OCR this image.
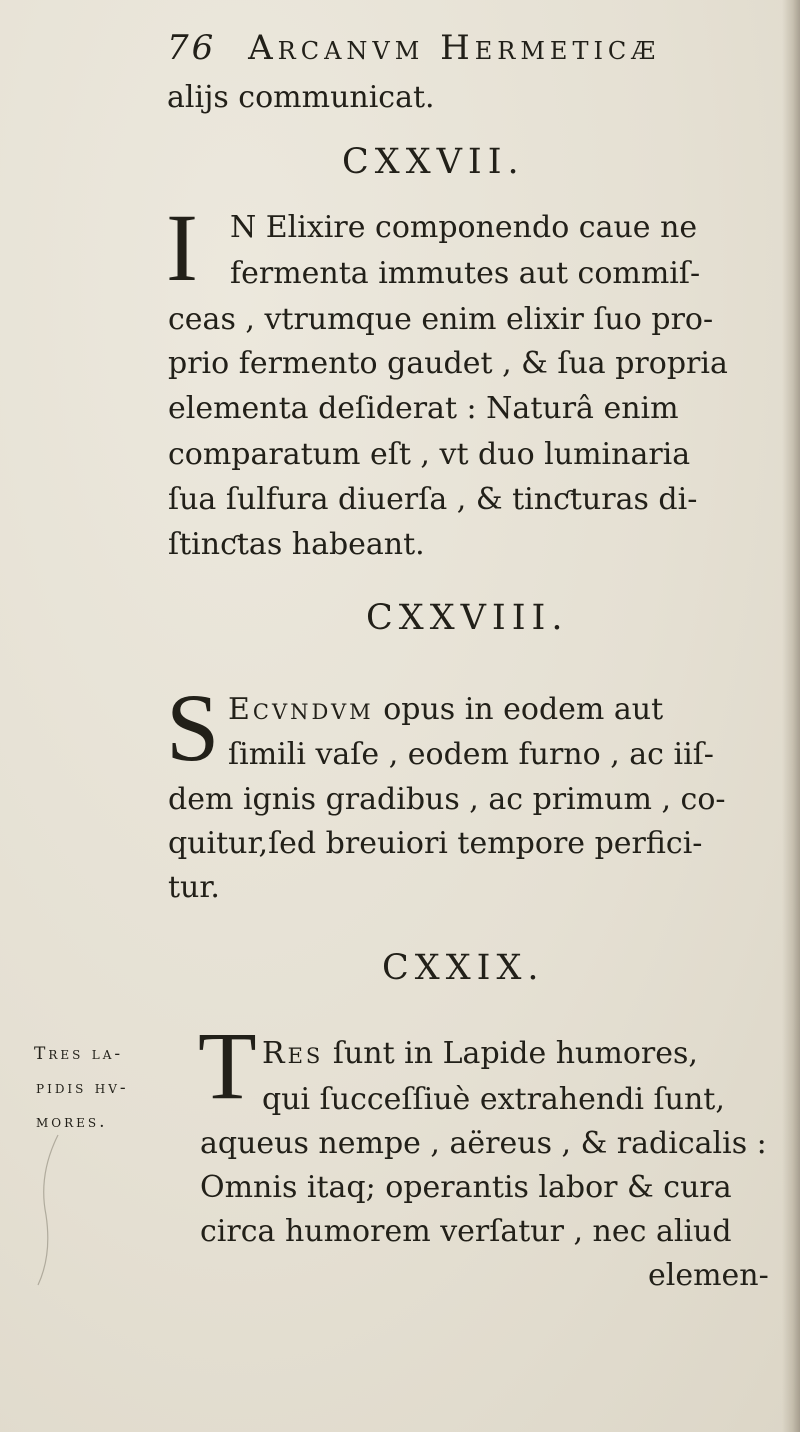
76 Arcanvm Hermeticæ
alijs communicat.
CXXVII.
I N Elixire componendo caue ne
fermenta immutes aut commiſ-
ceas , vtrumque enim elixir ſuo pro-
prio fermento gaudet , & ſua propria
elementa deſiderat : Naturâ enim
comparatum eſt , vt duo luminaria
ſua ſulfura diuerſa , & tinƈturas di-
ſtinƈtas habeant.
CXXVIII.
S Ecvndvm opus in eodem aut
ſimili vaſe , eodem furno , ac iiſ-
dem ignis gradibus , ac primum , co-
quitur,ſed breuiori tempore perfici-
tur.
CXXIX.
Tres la-
pidis hv-
mores.
T Res ſunt in Lapide humores,
qui ſucceſſiuè extrahendi ſunt,
aqueus nempe , aëreus , & radicalis :
Omnis itaq; operantis labor & cura
circa humorem verſatur , nec aliud
elemen-
